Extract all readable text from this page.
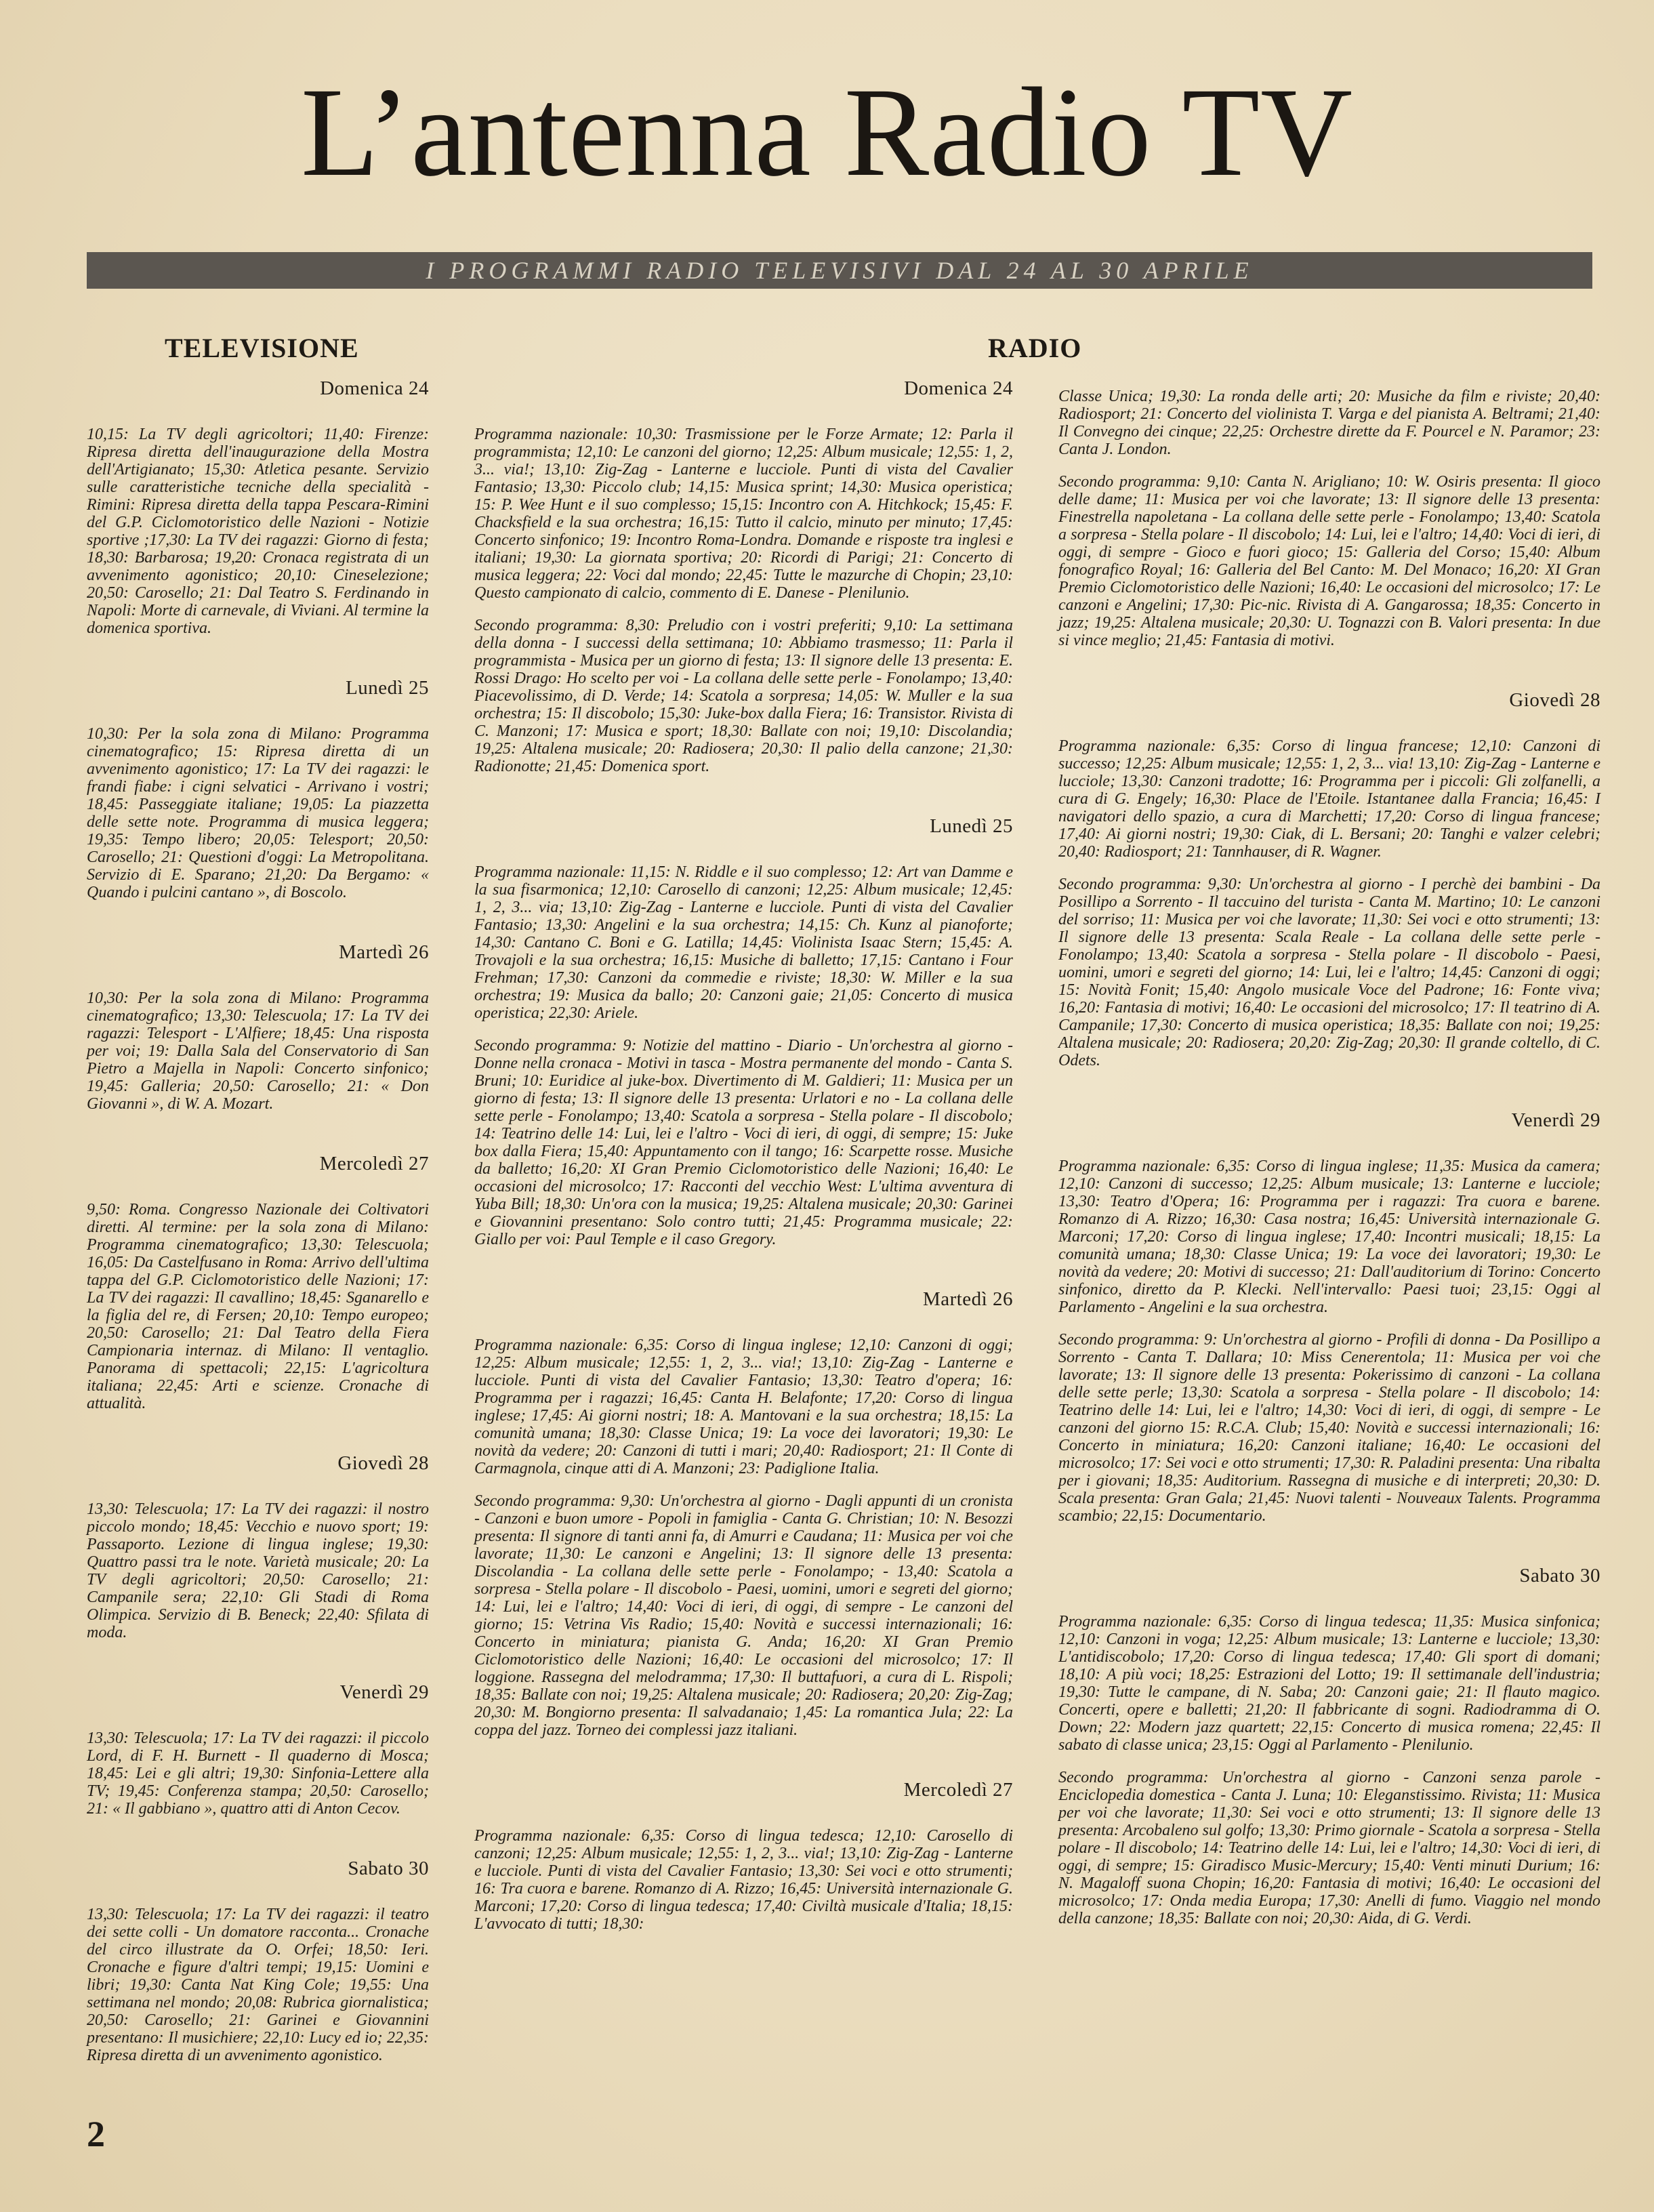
L’antenna Radio TV
I PROGRAMMI RADIO TELEVISIVI DAL 24 AL 30 APRILE
TELEVISIONE	RADIO
Domenica 24
10,15: La TV degli agricoltori; 11,40: Firenze: Ripresa diretta dell'inaugurazione della Mostra dell'Artigianato; 15,30: Atletica pesante. Servizio sulle caratteristiche tecniche della specialità - Rimini: Ripresa diretta della tappa Pescara-Rimini del G.P. Ciclomotoristico delle Nazioni - Notizie sportive ;17,30: La TV dei ragazzi: Giorno di festa; 18,30: Barbarosa; 19,20: Cronaca registrata di un avvenimento agonistico; 20,10: Cineselezione; 20,50: Carosello; 21: Dal Teatro S. Ferdinando in Napoli: Morte di carnevale, di Viviani. Al termine la domenica sportiva.
Lunedì 25
10,30: Per la sola zona di Milano: Programma cinematografico; 15: Ripresa diretta di un avvenimento agonistico; 17: La TV dei ragazzi: le frandi fiabe: i cigni selvatici - Arrivano i vostri; 18,45: Passeggiate italiane; 19,05: La piazzetta delle sette note. Programma di musica leggera; 19,35: Tempo libero; 20,05: Telesport; 20,50: Carosello; 21: Questioni d'oggi: La Metropolitana. Servizio di E. Sparano; 21,20: Da Bergamo: « Quando i pulcini cantano », di Boscolo.
Martedì 26
10,30: Per la sola zona di Milano: Programma cinematografico; 13,30: Telescuola; 17: La TV dei ragazzi: Telesport - L'Alfiere; 18,45: Una risposta per voi; 19: Dalla Sala del Conservatorio di San Pietro a Majella in Napoli: Concerto sinfonico; 19,45: Galleria; 20,50: Carosello; 21: « Don Giovanni », di W. A. Mozart.
Mercoledì 27
9,50: Roma. Congresso Nazionale dei Coltivatori diretti. Al termine: per la sola zona di Milano: Programma cinematografico; 13,30: Telescuola; 16,05: Da Castelfusano in Roma: Arrivo dell'ultima tappa del G.P. Ciclomotoristico delle Nazioni; 17: La TV dei ragazzi: Il cavallino; 18,45: Sganarello e la figlia del re, di Fersen; 20,10: Tempo europeo; 20,50: Carosello; 21: Dal Teatro della Fiera Campionaria internaz. di Milano: Il ventaglio. Panorama di spettacoli; 22,15: L'agricoltura italiana; 22,45: Arti e scienze. Cronache di attualità.
Giovedì 28
13,30: Telescuola; 17: La TV dei ragazzi: il nostro piccolo mondo; 18,45: Vecchio e nuovo sport; 19: Passaporto. Lezione di lingua inglese; 19,30: Quattro passi tra le note. Varietà musicale; 20: La TV degli agricoltori; 20,50: Carosello; 21: Campanile sera; 22,10: Gli Stadi di Roma Olimpica. Servizio di B. Beneck; 22,40: Sfilata di moda.
Venerdì 29
13,30: Telescuola; 17: La TV dei ragazzi: il piccolo Lord, di F. H. Burnett - Il quaderno di Mosca; 18,45: Lei e gli altri; 19,30: Sinfonia-Lettere alla TV; 19,45: Conferenza stampa; 20,50: Carosello; 21: « Il gabbiano », quattro atti di Anton Cecov.
Sabato 30
13,30: Telescuola; 17: La TV dei ragazzi: il teatro dei sette colli - Un domatore racconta... Cronache del circo illustrate da O. Orfei; 18,50: Ieri. Cronache e figure d'altri tempi; 19,15: Uomini e libri; 19,30: Canta Nat King Cole; 19,55: Una settimana nel mondo; 20,08: Rubrica giornalistica; 20,50: Carosello; 21: Garinei e Giovannini presentano: Il musichiere; 22,10: Lucy ed io; 22,35: Ripresa diretta di un avvenimento agonistico.
Domenica 24
Programma nazionale: 10,30: Trasmissione per le Forze Armate; 12: Parla il programmista; 12,10: Le canzoni del giorno; 12,25: Album musicale; 12,55: 1, 2, 3... via!; 13,10: Zig-Zag - Lanterne e lucciole. Punti di vista del Cavalier Fantasio; 13,30: Piccolo club; 14,15: Musica sprint; 14,30: Musica operistica; 15: P. Wee Hunt e il suo complesso; 15,15: Incontro con A. Hitchkock; 15,45: F. Chacksfield e la sua orchestra; 16,15: Tutto il calcio, minuto per minuto; 17,45: Concerto sinfonico; 19: Incontro Roma-Londra. Domande e risposte tra inglesi e italiani; 19,30: La giornata sportiva; 20: Ricordi di Parigi; 21: Concerto di musica leggera; 22: Voci dal mondo; 22,45: Tutte le mazurche di Chopin; 23,10: Questo campionato di calcio, commento di E. Danese - Plenilunio.
Secondo programma: 8,30: Preludio con i vostri preferiti; 9,10: La settimana della donna - I successi della settimana; 10: Abbiamo trasmesso; 11: Parla il programmista - Musica per un giorno di festa; 13: Il signore delle 13 presenta: E. Rossi Drago: Ho scelto per voi - La collana delle sette perle - Fonolampo; 13,40: Piacevolissimo, di D. Verde; 14: Scatola a sorpresa; 14,05: W. Muller e la sua orchestra; 15: Il discobolo; 15,30: Juke-box dalla Fiera; 16: Transistor. Rivista di C. Manzoni; 17: Musica e sport; 18,30: Ballate con noi; 19,10: Discolandia; 19,25: Altalena musicale; 20: Radiosera; 20,30: Il palio della canzone; 21,30: Radionotte; 21,45: Domenica sport.
Lunedì 25
Programma nazionale: 11,15: N. Riddle e il suo complesso; 12: Art van Damme e la sua fisarmonica; 12,10: Carosello di canzoni; 12,25: Album musicale; 12,45: 1, 2, 3... via; 13,10: Zig-Zag - Lanterne e lucciole. Punti di vista del Cavalier Fantasio; 13,30: Angelini e la sua orchestra; 14,15: Ch. Kunz al pianoforte; 14,30: Cantano C. Boni e G. Latilla; 14,45: Violinista Isaac Stern; 15,45: A. Trovajoli e la sua orchestra; 16,15: Musiche di balletto; 17,15: Cantano i Four Frehman; 17,30: Canzoni da commedie e riviste; 18,30: W. Miller e la sua orchestra; 19: Musica da ballo; 20: Canzoni gaie; 21,05: Concerto di musica operistica; 22,30: Ariele.
Secondo programma: 9: Notizie del mattino - Diario - Un'orchestra al giorno - Donne nella cronaca - Motivi in tasca - Mostra permanente del mondo - Canta S. Bruni; 10: Euridice al juke-box. Divertimento di M. Galdieri; 11: Musica per un giorno di festa; 13: Il signore delle 13 presenta: Urlatori e no - La collana delle sette perle - Fonolampo; 13,40: Scatola a sorpresa - Stella polare - Il discobolo; 14: Teatrino delle 14: Lui, lei e l'altro - Voci di ieri, di oggi, di sempre; 15: Juke box dalla Fiera; 15,40: Appuntamento con il tango; 16: Scarpette rosse. Musiche da balletto; 16,20: XI Gran Premio Ciclomotoristico delle Nazioni; 16,40: Le occasioni del microsolco; 17: Racconti del vecchio West: L'ultima avventura di Yuba Bill; 18,30: Un'ora con la musica; 19,25: Altalena musicale; 20,30: Garinei e Giovannini presentano: Solo contro tutti; 21,45: Programma musicale; 22: Giallo per voi: Paul Temple e il caso Gregory.
Martedì 26
Programma nazionale: 6,35: Corso di lingua inglese; 12,10: Canzoni di oggi; 12,25: Album musicale; 12,55: 1, 2, 3... via!; 13,10: Zig-Zag - Lanterne e lucciole. Punti di vista del Cavalier Fantasio; 13,30: Teatro d'opera; 16: Programma per i ragazzi; 16,45: Canta H. Belafonte; 17,20: Corso di lingua inglese; 17,45: Ai giorni nostri; 18: A. Mantovani e la sua orchestra; 18,15: La comunità umana; 18,30: Classe Unica; 19: La voce dei lavoratori; 19,30: Le novità da vedere; 20: Canzoni di tutti i mari; 20,40: Radiosport; 21: Il Conte di Carmagnola, cinque atti di A. Manzoni; 23: Padiglione Italia.
Secondo programma: 9,30: Un'orchestra al giorno - Dagli appunti di un cronista - Canzoni e buon umore - Popoli in famiglia - Canta G. Christian; 10: N. Besozzi presenta: Il signore di tanti anni fa, di Amurri e Caudana; 11: Musica per voi che lavorate; 11,30: Le canzoni e Angelini; 13: Il signore delle 13 presenta: Discolandia - La collana delle sette perle - Fonolampo; - 13,40: Scatola a sorpresa - Stella polare - Il discobolo - Paesi, uomini, umori e segreti del giorno; 14: Lui, lei e l'altro; 14,40: Voci di ieri, di oggi, di sempre - Le canzoni del giorno; 15: Vetrina Vis Radio; 15,40: Novità e successi internazionali; 16: Concerto in miniatura; pianista G. Anda; 16,20: XI Gran Premio Ciclomotoristico delle Nazioni; 16,40: Le occasioni del microsolco; 17: Il loggione. Rassegna del melodramma; 17,30: Il buttafuori, a cura di L. Rispoli; 18,35: Ballate con noi; 19,25: Altalena musicale; 20: Radiosera; 20,20: Zig-Zag; 20,30: M. Bongiorno presenta: Il salvadanaio; 1,45: La romantica Jula; 22: La coppa del jazz. Torneo dei complessi jazz italiani.
Mercoledì 27
Programma nazionale: 6,35: Corso di lingua tedesca; 12,10: Carosello di canzoni; 12,25: Album musicale; 12,55: 1, 2, 3... via!; 13,10: Zig-Zag - Lanterne e lucciole. Punti di vista del Cavalier Fantasio; 13,30: Sei voci e otto strumenti; 16: Tra cuora e barene. Romanzo di A. Rizzo; 16,45: Università internazionale G. Marconi; 17,20: Corso di lingua tedesca; 17,40: Civiltà musicale d'Italia; 18,15: L'avvocato di tutti; 18,30:
Classe Unica; 19,30: La ronda delle arti; 20: Musiche da film e riviste; 20,40: Radiosport; 21: Concerto del violinista T. Varga e del pianista A. Beltrami; 21,40: Il Convegno dei cinque; 22,25: Orchestre dirette da F. Pourcel e N. Paramor; 23: Canta J. London.
Secondo programma: 9,10: Canta N. Arigliano; 10: W. Osiris presenta: Il gioco delle dame; 11: Musica per voi che lavorate; 13: Il signore delle 13 presenta: Finestrella napoletana - La collana delle sette perle - Fonolampo; 13,40: Scatola a sorpresa - Stella polare - Il discobolo; 14: Lui, lei e l'altro; 14,40: Voci di ieri, di oggi, di sempre - Gioco e fuori gioco; 15: Galleria del Corso; 15,40: Album fonografico Royal; 16: Galleria del Bel Canto: M. Del Monaco; 16,20: XI Gran Premio Ciclomotoristico delle Nazioni; 16,40: Le occasioni del microsolco; 17: Le canzoni e Angelini; 17,30: Pic-nic. Rivista di A. Gangarossa; 18,35: Concerto in jazz; 19,25: Altalena musicale; 20,30: U. Tognazzi con B. Valori presenta: In due si vince meglio; 21,45: Fantasia di motivi.
Giovedì 28
Programma nazionale: 6,35: Corso di lingua francese; 12,10: Canzoni di successo; 12,25: Album musicale; 12,55: 1, 2, 3... via! 13,10: Zig-Zag - Lanterne e lucciole; 13,30: Canzoni tradotte; 16: Programma per i piccoli: Gli zolfanelli, a cura di G. Engely; 16,30: Place de l'Etoile. Istantanee dalla Francia; 16,45: I navigatori dello spazio, a cura di Marchetti; 17,20: Corso di lingua francese; 17,40: Ai giorni nostri; 19,30: Ciak, di L. Bersani; 20: Tanghi e valzer celebri; 20,40: Radiosport; 21: Tannhauser, di R. Wagner.
Secondo programma: 9,30: Un'orchestra al giorno - I perchè dei bambini - Da Posillipo a Sorrento - Il taccuino del turista - Canta M. Martino; 10: Le canzoni del sorriso; 11: Musica per voi che lavorate; 11,30: Sei voci e otto strumenti; 13: Il signore delle 13 presenta: Scala Reale - La collana delle sette perle - Fonolampo; 13,40: Scatola a sorpresa - Stella polare - Il discobolo - Paesi, uomini, umori e segreti del giorno; 14: Lui, lei e l'altro; 14,45: Canzoni di oggi; 15: Novità Fonit; 15,40: Angolo musicale Voce del Padrone; 16: Fonte viva; 16,20: Fantasia di motivi; 16,40: Le occasioni del microsolco; 17: Il teatrino di A. Campanile; 17,30: Concerto di musica operistica; 18,35: Ballate con noi; 19,25: Altalena musicale; 20: Radiosera; 20,20: Zig-Zag; 20,30: Il grande coltello, di C. Odets.
Venerdì 29
Programma nazionale: 6,35: Corso di lingua inglese; 11,35: Musica da camera; 12,10: Canzoni di successo; 12,25: Album musicale; 13: Lanterne e lucciole; 13,30: Teatro d'Opera; 16: Programma per i ragazzi: Tra cuora e barene. Romanzo di A. Rizzo; 16,30: Casa nostra; 16,45: Università internazionale G. Marconi; 17,20: Corso di lingua inglese; 17,40: Incontri musicali; 18,15: La comunità umana; 18,30: Classe Unica; 19: La voce dei lavoratori; 19,30: Le novità da vedere; 20: Motivi di successo; 21: Dall'auditorium di Torino: Concerto sinfonico, diretto da P. Klecki. Nell'intervallo: Paesi tuoi; 23,15: Oggi al Parlamento - Angelini e la sua orchestra.
Secondo programma: 9: Un'orchestra al giorno - Profili di donna - Da Posillipo a Sorrento - Canta T. Dallara; 10: Miss Cenerentola; 11: Musica per voi che lavorate; 13: Il signore delle 13 presenta: Pokerissimo di canzoni - La collana delle sette perle; 13,30: Scatola a sorpresa - Stella polare - Il discobolo; 14: Teatrino delle 14: Lui, lei e l'altro; 14,30: Voci di ieri, di oggi, di sempre - Le canzoni del giorno 15: R.C.A. Club; 15,40: Novità e successi internazionali; 16: Concerto in miniatura; 16,20: Canzoni italiane; 16,40: Le occasioni del microsolco; 17: Sei voci e otto strumenti; 17,30: R. Paladini presenta: Una ribalta per i giovani; 18,35: Auditorium. Rassegna di musiche e di interpreti; 20,30: D. Scala presenta: Gran Gala; 21,45: Nuovi talenti - Nouveaux Talents. Programma scambio; 22,15: Documentario.
Sabato 30
Programma nazionale: 6,35: Corso di lingua tedesca; 11,35: Musica sinfonica; 12,10: Canzoni in voga; 12,25: Album musicale; 13: Lanterne e lucciole; 13,30: L'antidiscobolo; 17,20: Corso di lingua tedesca; 17,40: Gli sport di domani; 18,10: A più voci; 18,25: Estrazioni del Lotto; 19: Il settimanale dell'industria; 19,30: Tutte le campane, di N. Saba; 20: Canzoni gaie; 21: Il flauto magico. Concerti, opere e balletti; 21,20: Il fabbricante di sogni. Radiodramma di O. Down; 22: Modern jazz quartett; 22,15: Concerto di musica romena; 22,45: Il sabato di classe unica; 23,15: Oggi al Parlamento - Plenilunio.
Secondo programma: Un'orchestra al giorno - Canzoni senza parole - Enciclopedia domestica - Canta J. Luna; 10: Eleganstissimo. Rivista; 11: Musica per voi che lavorate; 11,30: Sei voci e otto strumenti; 13: Il signore delle 13 presenta: Arcobaleno sul golfo; 13,30: Primo giornale - Scatola a sorpresa - Stella polare - Il discobolo; 14: Teatrino delle 14: Lui, lei e l'altro; 14,30: Voci di ieri, di oggi, di sempre; 15: Giradisco Music-Mercury; 15,40: Venti minuti Durium; 16: N. Magaloff suona Chopin; 16,20: Fantasia di motivi; 16,40: Le occasioni del microsolco; 17: Onda media Europa; 17,30: Anelli di fumo. Viaggio nel mondo della canzone; 18,35: Ballate con noi; 20,30: Aida, di G. Verdi.
2
